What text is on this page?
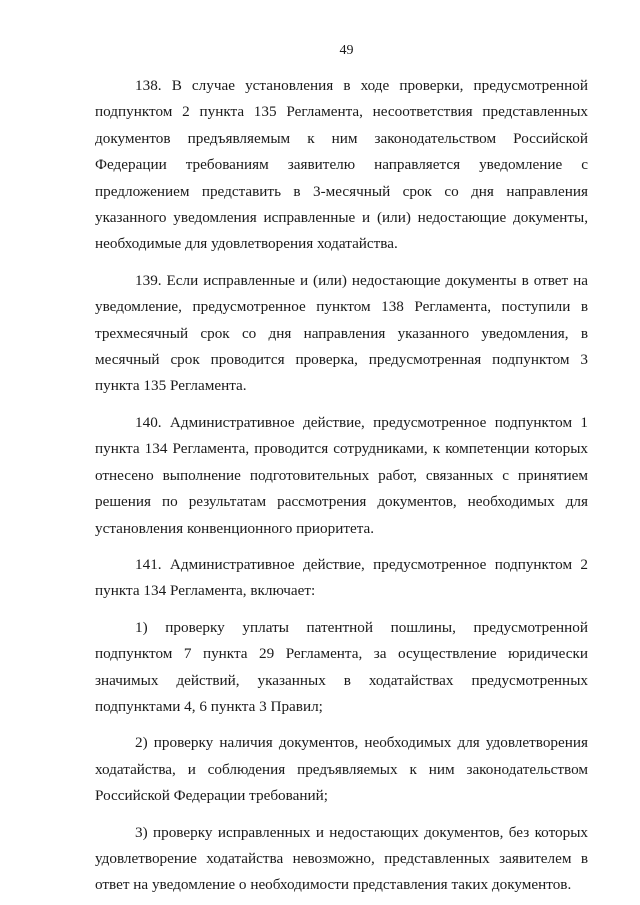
49

138. В случае установления в ходе проверки, предусмотренной подпунктом 2 пункта 135 Регламента, несоответствия представленных документов предъявляемым к ним законодательством Российской Федерации требованиям заявителю направляется уведомление с предложением представить в 3-месячный срок со дня направления указанного уведомления исправленные и (или) недостающие документы, необходимые для удовлетворения ходатайства.

139. Если исправленные и (или) недостающие документы в ответ на уведомление, предусмотренное пунктом 138 Регламента, поступили в трехмесячный срок со дня направления указанного уведомления, в месячный срок проводится проверка, предусмотренная подпунктом 3 пункта 135 Регламента.

140. Административное действие, предусмотренное подпунктом 1 пункта 134 Регламента, проводится сотрудниками, к компетенции которых отнесено выполнение подготовительных работ, связанных с принятием решения по результатам рассмотрения документов, необходимых для установления конвенционного приоритета.

141. Административное действие, предусмотренное подпунктом 2 пункта 134 Регламента, включает:

1) проверку уплаты патентной пошлины, предусмотренной подпунктом 7 пункта 29 Регламента, за осуществление юридически значимых действий, указанных в ходатайствах предусмотренных подпунктами 4, 6 пункта 3 Правил;

2) проверку наличия документов, необходимых для удовлетворения ходатайства, и соблюдения предъявляемых к ним законодательством Российской Федерации требований;

3) проверку исправленных и недостающих документов, без которых удовлетворение ходатайства невозможно, представленных заявителем в ответ на уведомление о необходимости представления таких документов.
